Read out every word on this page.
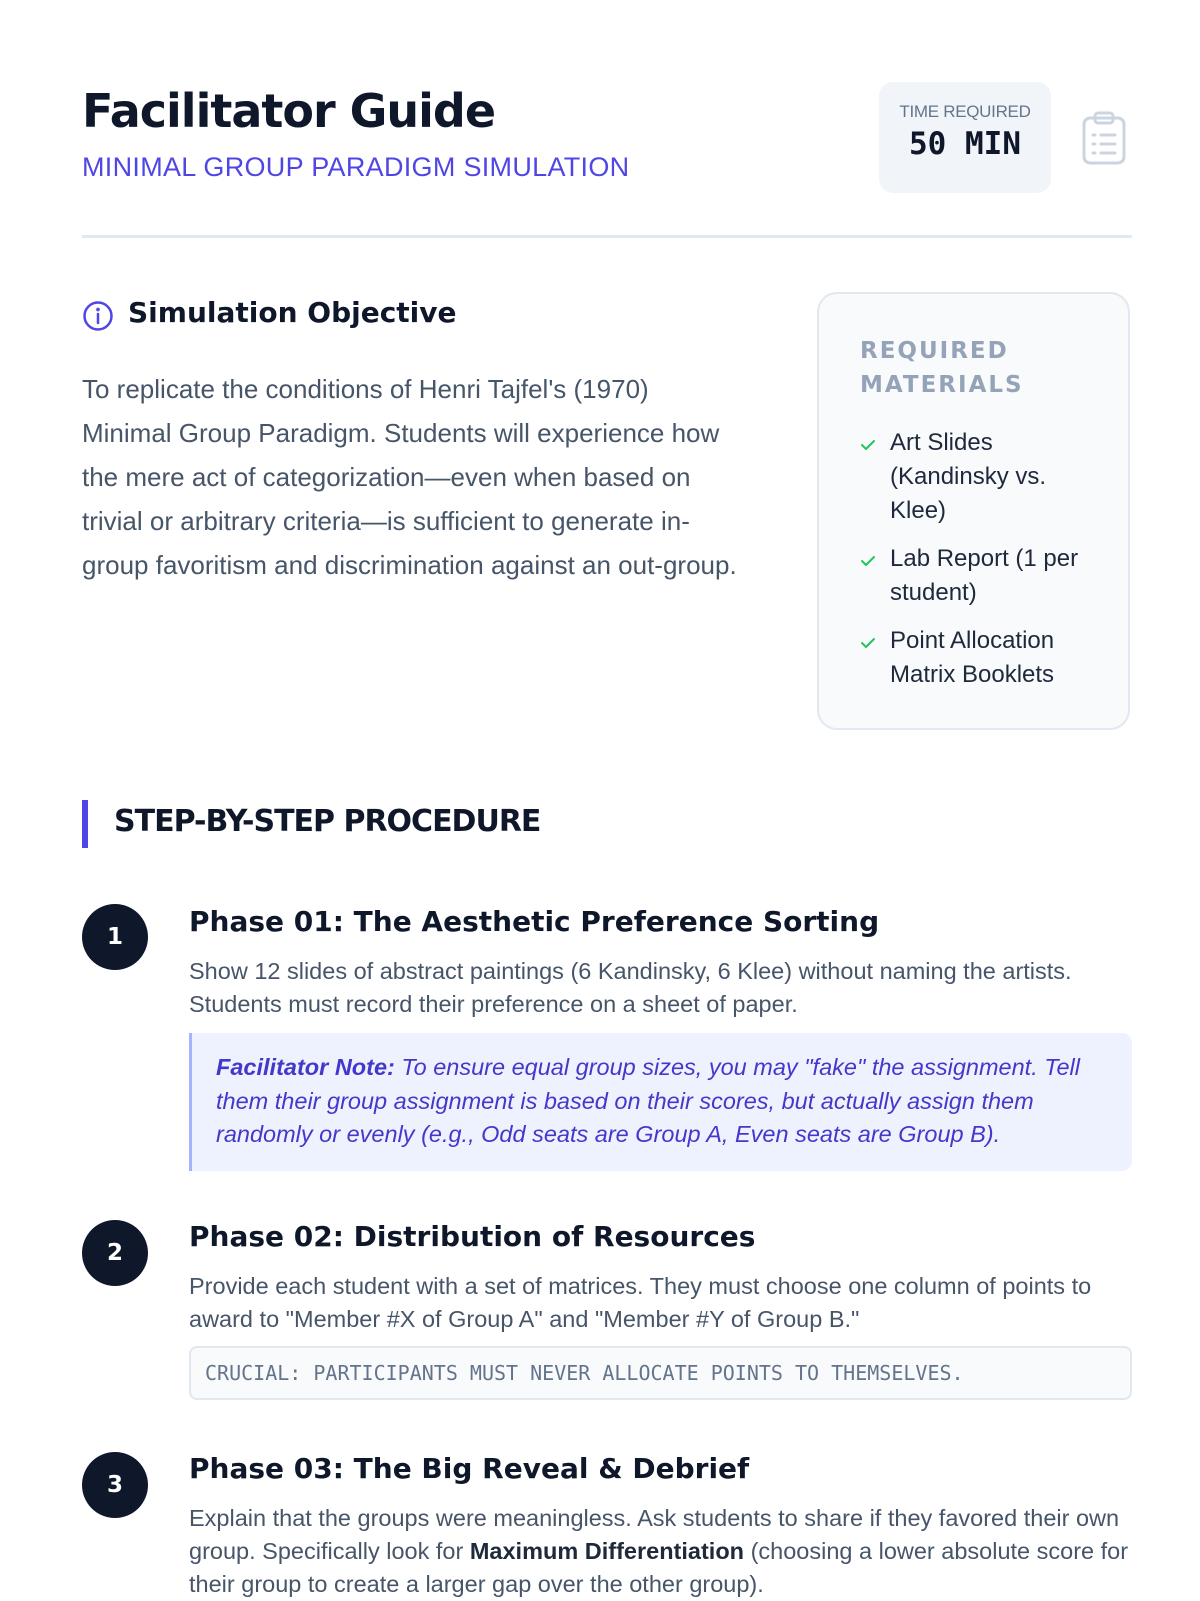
Facilitator Guide
MINIMAL GROUP PARADIGM SIMULATION
TIME REQUIRED
50 MIN
Simulation Objective

To replicate the conditions of Henri Tajfel's (1970) Minimal Group Paradigm. Students will experience how the mere act of categorization—even when based on trivial or arbitrary criteria—is sufficient to generate in-group favoritism and discrimination against an out-group.

REQUIRED MATERIALS
Art Slides (Kandinsky vs. Klee)
Lab Report (1 per student)
Point Allocation Matrix Booklets
STEP-BY-STEP PROCEDURE
1	Phase 01: The Aesthetic Preference Sorting

Show 12 slides of abstract paintings (6 Kandinsky, 6 Klee) without naming the artists. Students must record their preference on a sheet of paper.

Facilitator Note: To ensure equal group sizes, you may "fake" the assignment. Tell them their group assignment is based on their scores, but actually assign them randomly or evenly (e.g., Odd seats are Group A, Even seats are Group B).
2	Phase 02: Distribution of Resources

Provide each student with a set of matrices. They must choose one column of points to award to "Member #X of Group A" and "Member #Y of Group B."

CRUCIAL: PARTICIPANTS MUST NEVER ALLOCATE POINTS TO THEMSELVES.
3	Phase 03: The Big Reveal & Debrief

Explain that the groups were meaningless. Ask students to share if they favored their own group. Specifically look for Maximum Differentiation (choosing a lower absolute score for their group to create a larger gap over the other group).
